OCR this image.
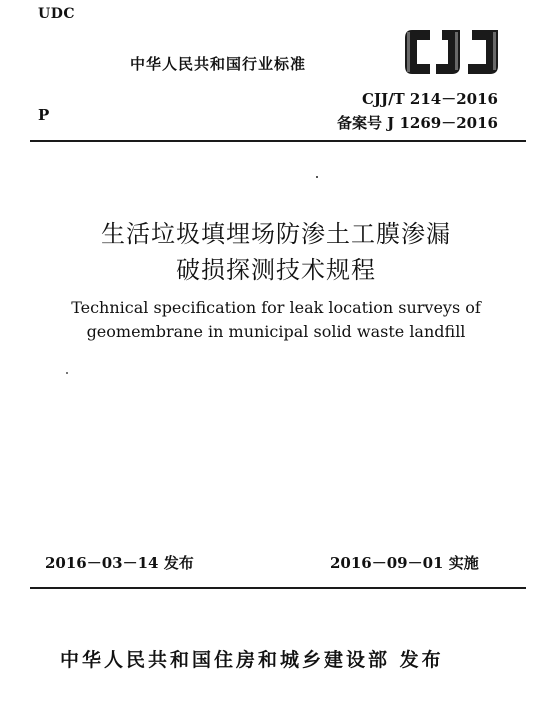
UDC
中华人民共和国行业标准
P
CJJ/T 214－2016
备案号 J 1269－2016
生活垃圾填埋场防渗土工膜渗漏
破损探测技术规程
Technical specification for leak location surveys of
geomembrane in municipal solid waste landfill
2016－03－14 发布	2016－09－01 实施
中华人民共和国住房和城乡建设部 发布
